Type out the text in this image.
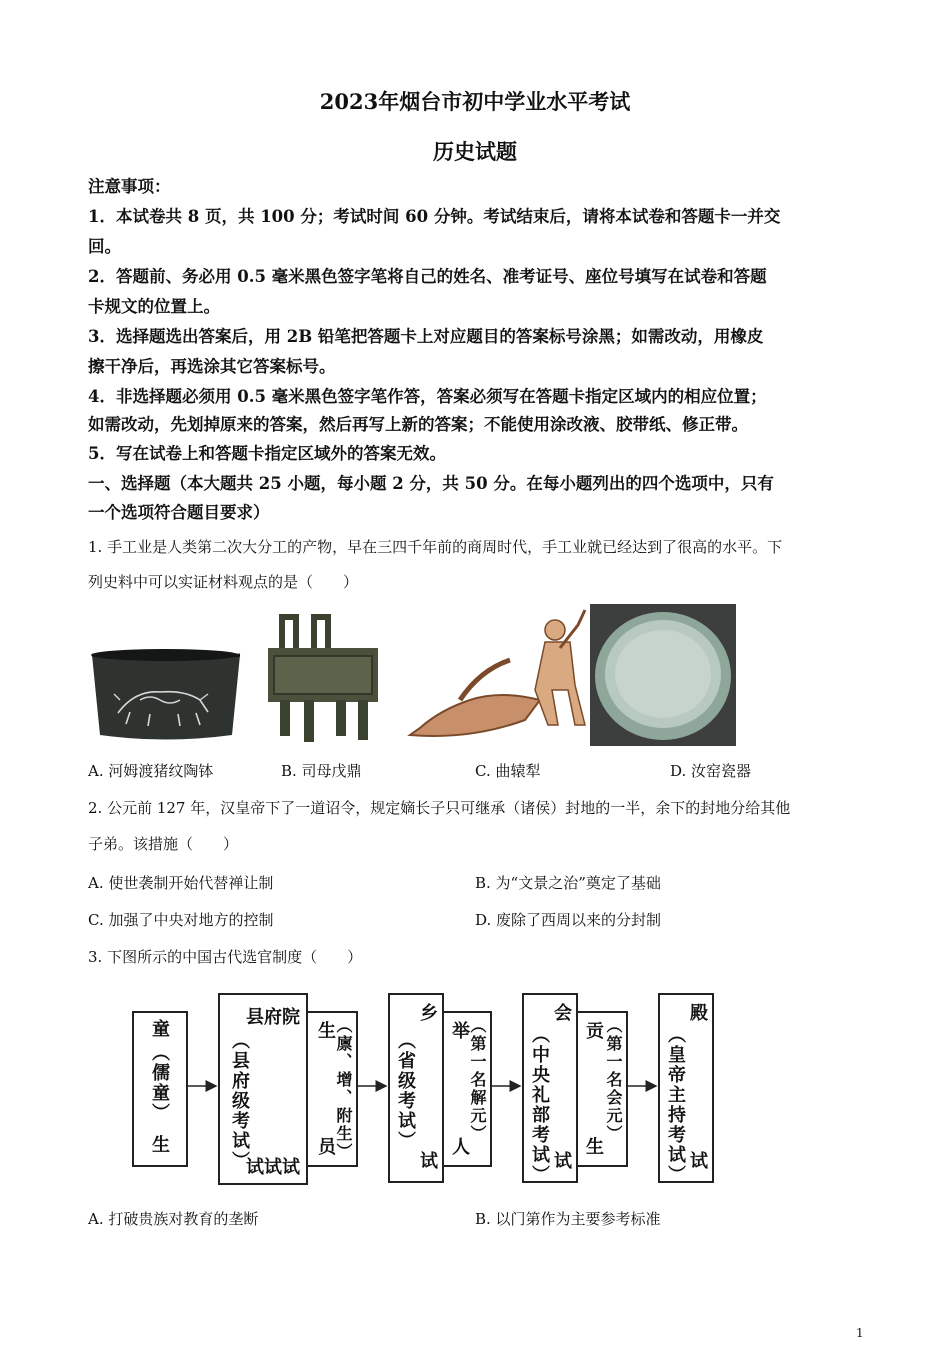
2023年烟台市初中学业水平考试
历史试题
注意事项：
1．本试卷共 8 页，共 100 分；考试时间 60 分钟。考试结束后，请将本试卷和答题卡一并交
回。
2．答题前、务必用 0.5 毫米黑色签字笔将自己的姓名、准考证号、座位号填写在试卷和答题
卡规文的位置上。
3．选择题选出答案后，用 2B 铅笔把答题卡上对应题目的答案标号涂黑；如需改动，用橡皮
擦干净后，再选涂其它答案标号。
4．非选择题必须用 0.5 毫米黑色签字笔作答，答案必须写在答题卡指定区域内的相应位置；
如需改动，先划掉原来的答案，然后再写上新的答案；不能使用涂改液、胶带纸、修正带。
5．写在试卷上和答题卡指定区域外的答案无效。
一、选择题（本大题共 25 小题，每小题 2 分，共 50 分。在每小题列出的四个选项中，只有
一个选项符合题目要求）
1. 手工业是人类第二次大分工的产物，早在三四千年前的商周时代，手工业就已经达到了很高的水平。下
列史料中可以实证材料观点的是（　　）
A. 河姆渡猪纹陶钵	B. 司母戊鼎	C. 曲辕犁	D. 汝窑瓷器
2. 公元前 127 年，汉皇帝下了一道诏令，规定嫡长子只可继承（诸侯）封地的一半，余下的封地分给其他
子弟。该措施（　　）
A. 使世袭制开始代替禅让制	B. 为“文景之治”奠定了基础
C. 加强了中央对地方的控制	D. 废除了西周以来的分封制
3. 下图所示的中国古代选官制度（　　）
童
（儒童）
生
县府院
（县府级考试）
试试试
生
（廪、增、附生）
员
乡
（省级考试）
试
举
（第一名解元）
人
会
（中央礼部考试） 试
贡 （第一名会元）
生
殿
（皇帝主持考试） 试
A. 打破贵族对教育的垄断	B. 以门第作为主要参考标准
1
